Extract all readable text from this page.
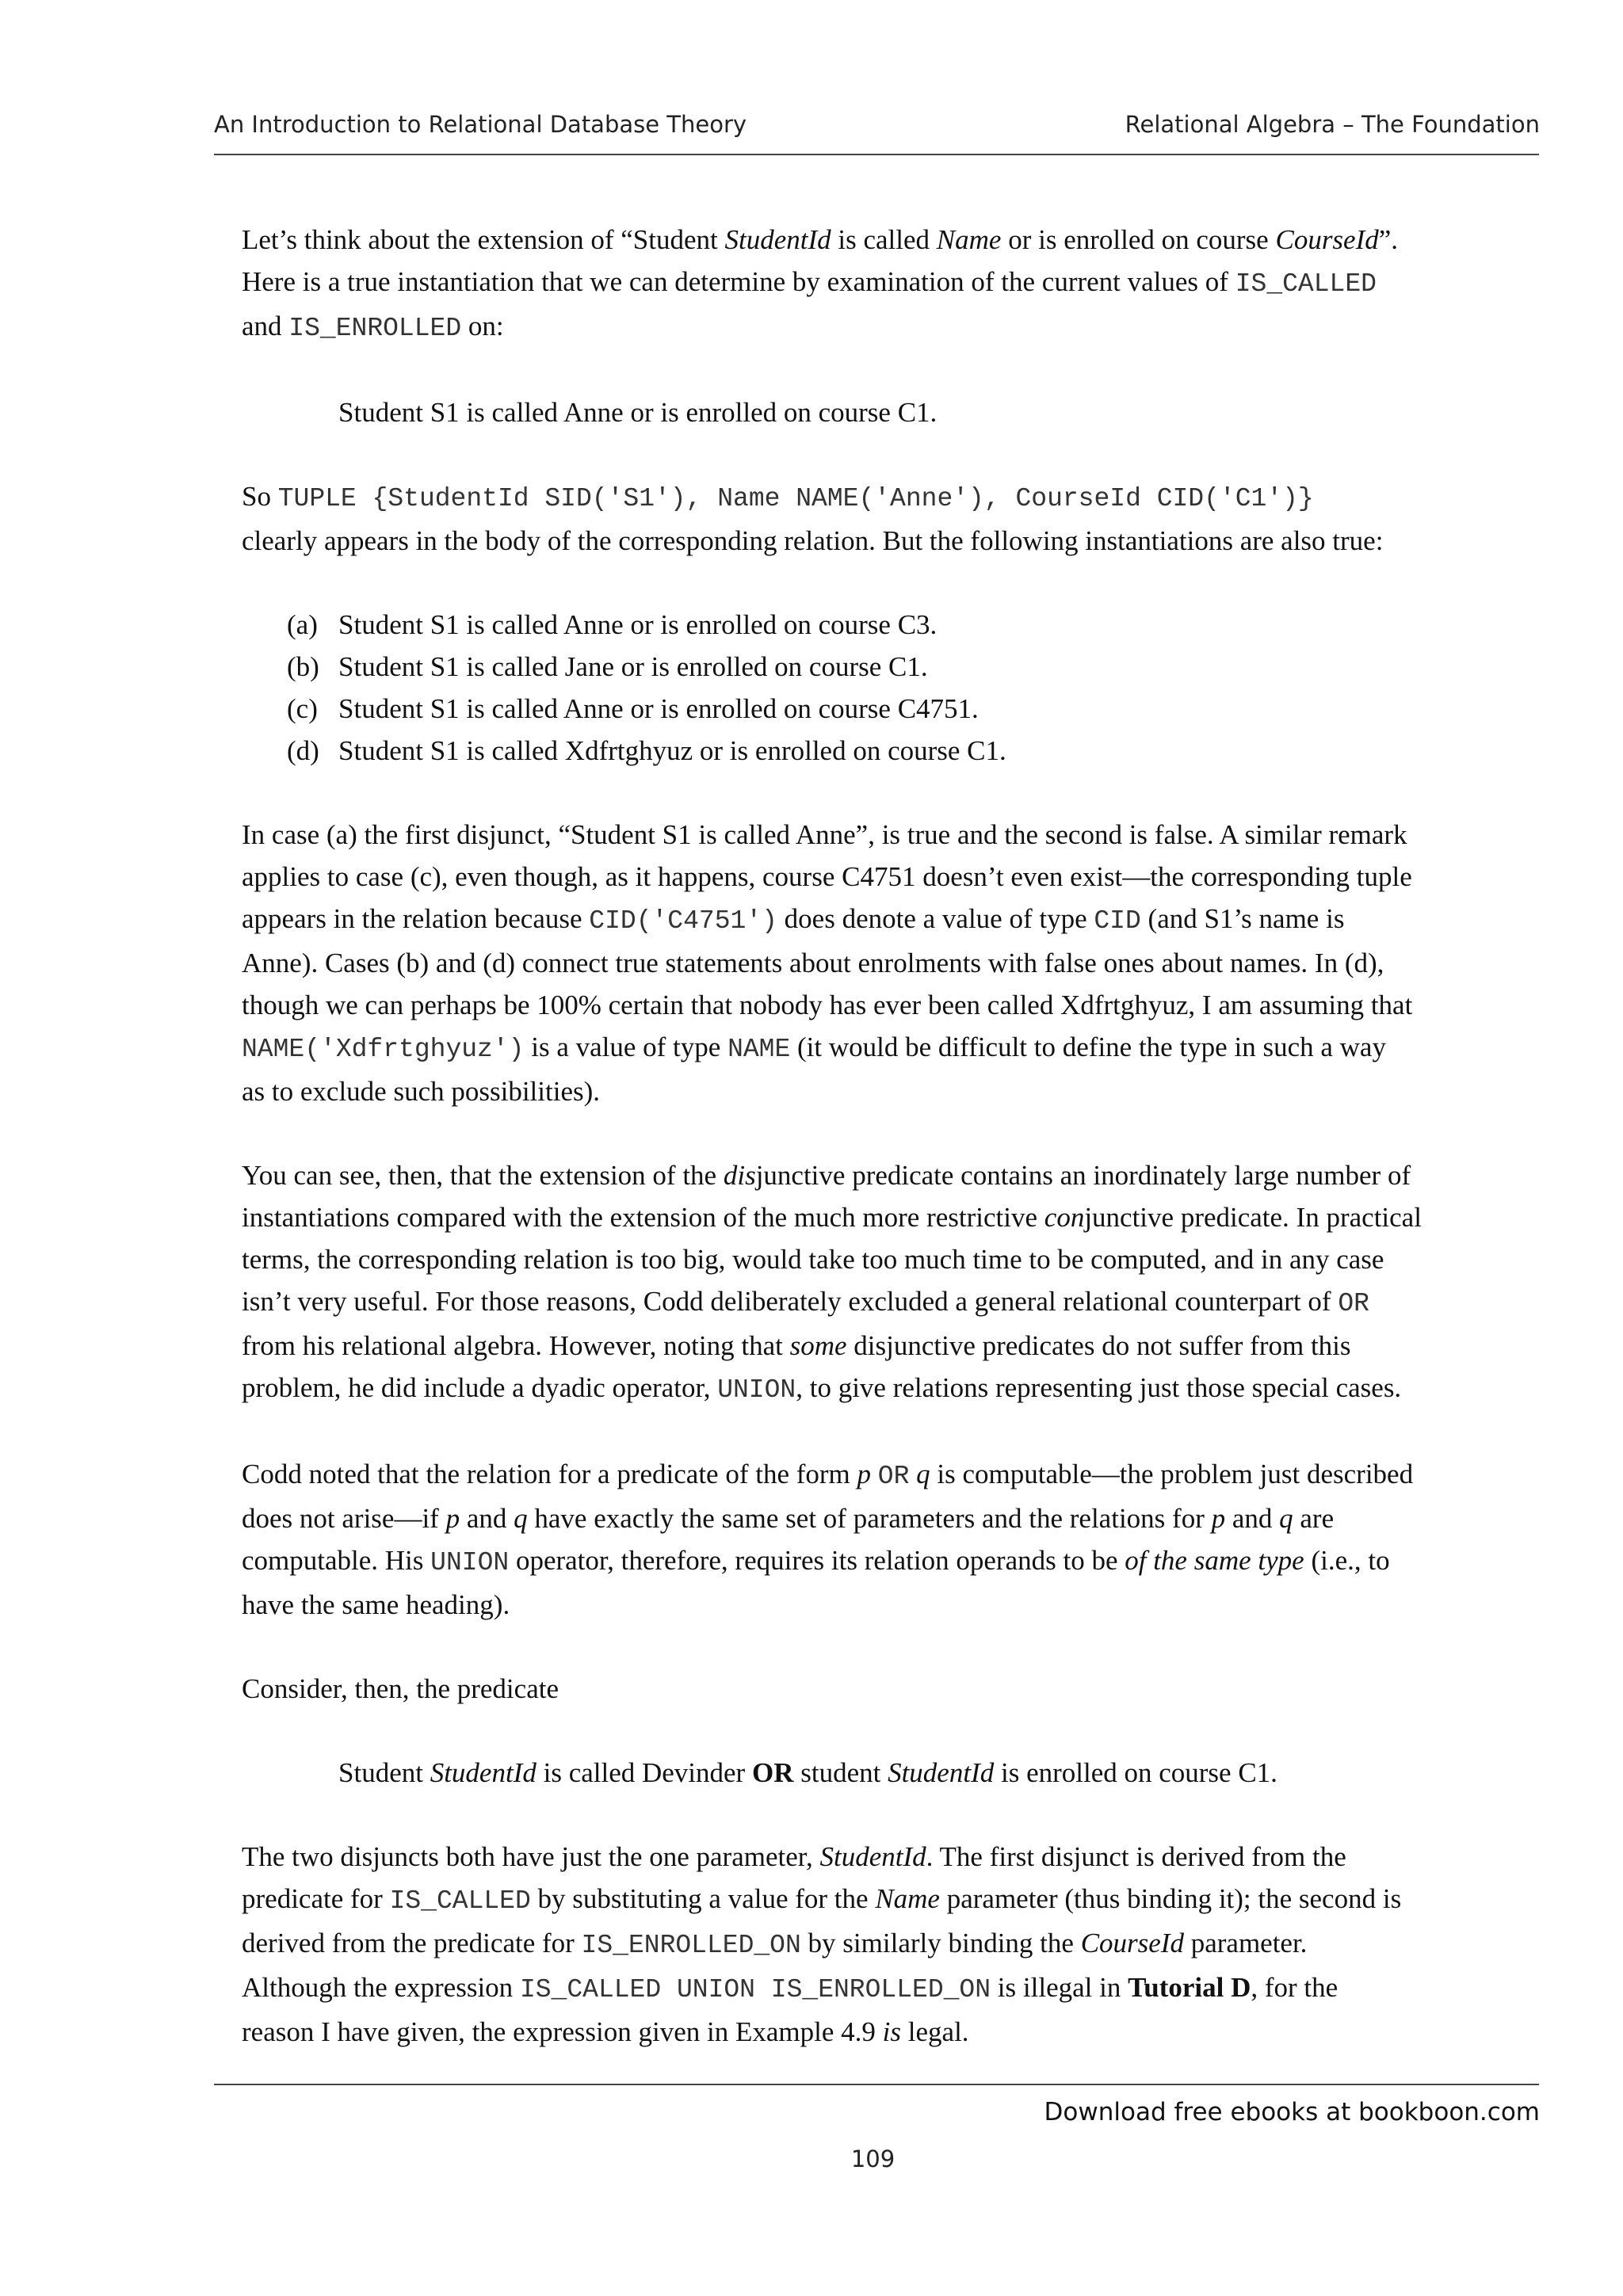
An Introduction to Relational Database Theory	Relational Algebra – The Foundation

Let’s think about the extension of “Student StudentId is called Name or is enrolled on course CourseId”.

Here is a true instantiation that we can determine by examination of the current values of IS_CALLED

and IS_ENROLLED on:

Student S1 is called Anne or is enrolled on course C1.

So TUPLE {StudentId SID('S1'), Name NAME('Anne'), CourseId CID('C1')}

clearly appears in the body of the corresponding relation. But the following instantiations are also true:

(a) Student S1 is called Anne or is enrolled on course C3.

(b) Student S1 is called Jane or is enrolled on course C1.

(c) Student S1 is called Anne or is enrolled on course C4751.

(d) Student S1 is called Xdfrtghyuz or is enrolled on course C1.

In case (a) the first disjunct, “Student S1 is called Anne”, is true and the second is false. A similar remark

applies to case (c), even though, as it happens, course C4751 doesn’t even exist—the corresponding tuple

appears in the relation because CID('C4751') does denote a value of type CID (and S1’s name is

Anne). Cases (b) and (d) connect true statements about enrolments with false ones about names. In (d),

though we can perhaps be 100% certain that nobody has ever been called Xdfrtghyuz, I am assuming that

NAME('Xdfrtghyuz') is a value of type NAME (it would be difficult to define the type in such a way

as to exclude such possibilities).

You can see, then, that the extension of the disjunctive predicate contains an inordinately large number of

instantiations compared with the extension of the much more restrictive conjunctive predicate. In practical

terms, the corresponding relation is too big, would take too much time to be computed, and in any case

isn’t very useful. For those reasons, Codd deliberately excluded a general relational counterpart of OR

from his relational algebra. However, noting that some disjunctive predicates do not suffer from this

problem, he did include a dyadic operator, UNION, to give relations representing just those special cases.

Codd noted that the relation for a predicate of the form p OR q is computable—the problem just described

does not arise—if p and q have exactly the same set of parameters and the relations for p and q are

computable. His UNION operator, therefore, requires its relation operands to be of the same type (i.e., to

have the same heading).

Consider, then, the predicate

Student StudentId is called Devinder OR student StudentId is enrolled on course C1.

The two disjuncts both have just the one parameter, StudentId. The first disjunct is derived from the

predicate for IS_CALLED by substituting a value for the Name parameter (thus binding it); the second is

derived from the predicate for IS_ENROLLED_ON by similarly binding the CourseId parameter.

Although the expression IS_CALLED UNION IS_ENROLLED_ON is illegal in Tutorial D, for the

reason I have given, the expression given in Example 4.9 is legal.

Download free ebooks at bookboon.com
109
